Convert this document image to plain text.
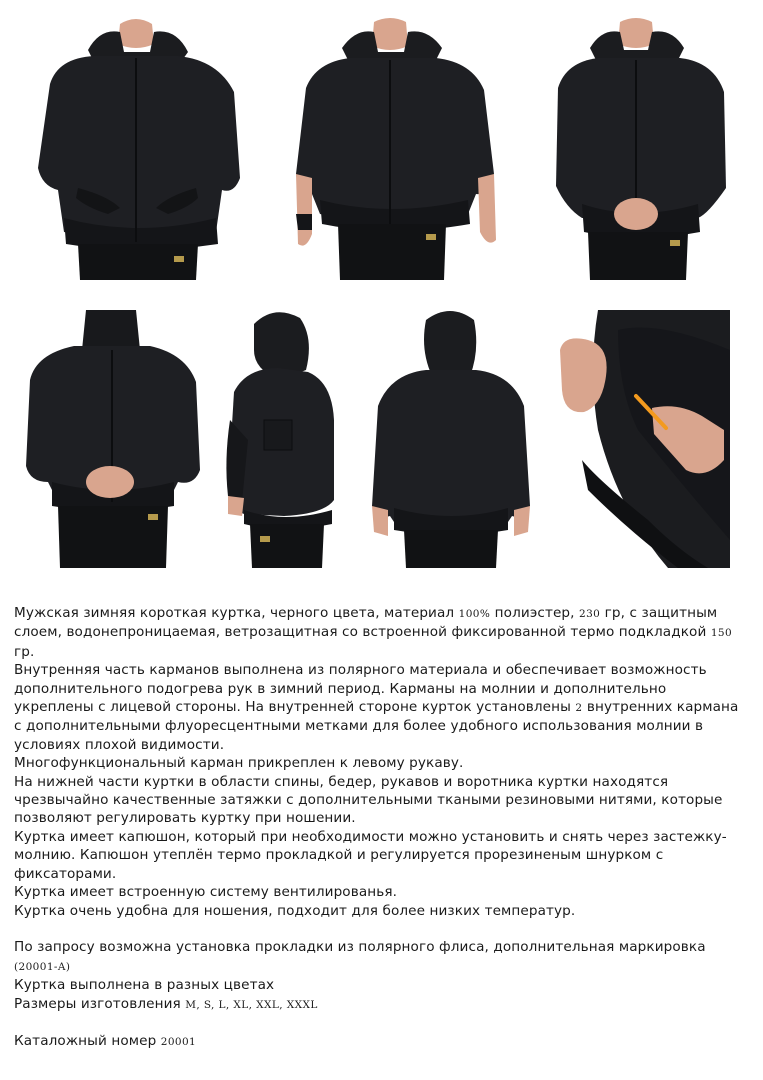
Мужская зимняя короткая куртка, черного цвета, материал 100% полиэстер, 230 гр, с защитным слоем, водонепроницаемая, ветрозащитная со встроенной фиксированной термо подкладкой 150 гр.

Внутренняя часть карманов выполнена из полярного материала и обеспечивает возможность дополнительного подогрева рук в зимний период. Карманы на молнии и дополнительно укреплены с лицевой стороны. На внутренней стороне курток установлены 2 внутренних кармана с дополнительными флуоресцентными метками для более удобного использования молнии в условиях плохой видимости.

Многофункциональный карман прикреплен к левому рукаву.

На нижней части куртки в области спины, бедер, рукавов и воротника куртки находятся чрезвычайно качественные затяжки с дополнительными ткаными резиновыми нитями, которые позволяют регулировать куртку при ношении.

Куртка имеет капюшон, который при необходимости можно установить и снять через застежку-молнию. Капюшон утеплён термо прокладкой и регулируется прорезиненым шнурком с фиксаторами.

Куртка имеет встроенную систему вентилированья.

Куртка очень удобна для ношения, подходит для более низких температур.

По запросу возможна установка прокладки из полярного флиса, дополнительная маркировка (20001-A)

Куртка выполнена в разных цветах

Размеры изготовления M, S, L, XL, XXL, XXXL

Каталожный номер 20001
